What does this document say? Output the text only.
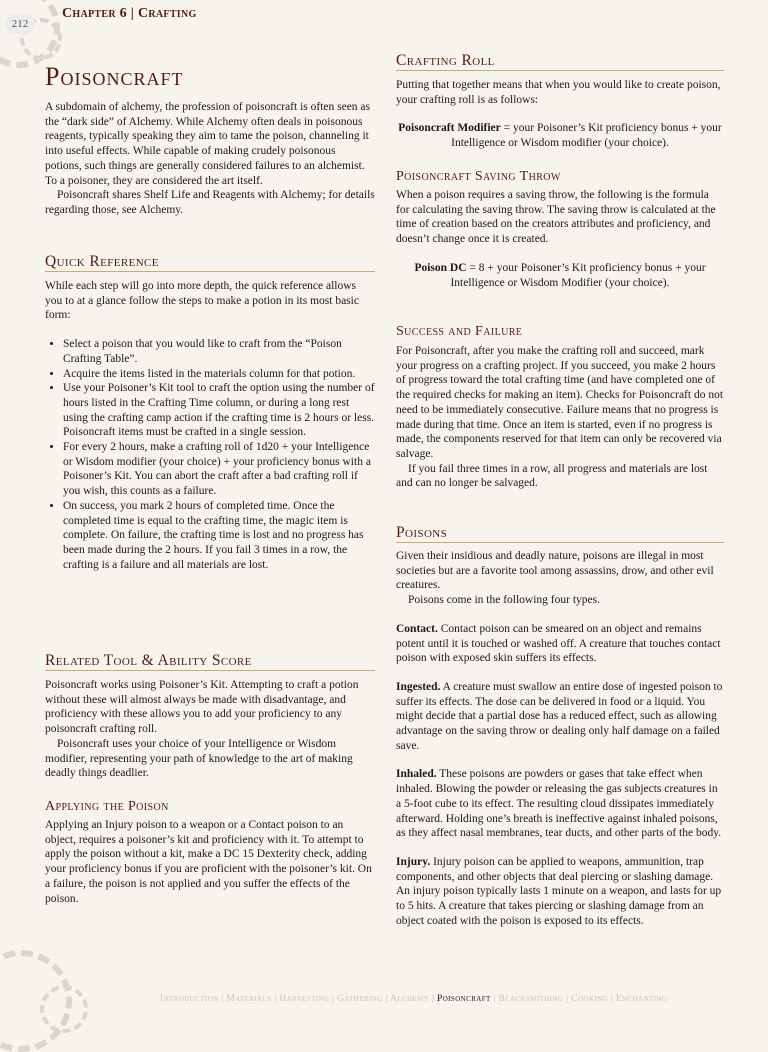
212
Chapter 6 | Crafting
Poisoncraft

A subdomain of alchemy, the profession of poisoncraft is often seen as the “dark side” of Alchemy. While Alchemy often deals in poisonous reagents, typically speaking they aim to tame the poison, channeling it into useful effects. While capable of making crudely poisonous potions, such things are generally considered failures to an alchemist. To a poisoner, they are considered the art itself.

Poisoncraft shares Shelf Life and Reagents with Alchemy; for details regarding those, see Alchemy.

Quick Reference

While each step will go into more depth, the quick reference allows you to at a glance follow the steps to make a potion in its most basic form:

• Select a poison that you would like to craft from the “Poison Crafting Table”.
• Acquire the items listed in the materials column for that potion.
• Use your Poisoner’s Kit tool to craft the option using the number of hours listed in the Crafting Time column, or during a long rest using the crafting camp action if the crafting time is 2 hours or less. Poisoncraft items must be crafted in a single session.
• For every 2 hours, make a crafting roll of 1d20 + your Intelligence or Wisdom modifier (your choice) + your proficiency bonus with a Poisoner’s Kit. You can abort the craft after a bad crafting roll if you wish, this counts as a failure.
• On success, you mark 2 hours of completed time. Once the completed time is equal to the crafting time, the magic item is complete. On failure, the crafting time is lost and no progress has been made during the 2 hours. If you fail 3 times in a row, the crafting is a failure and all materials are lost.
Related Tool & Ability Score

Poisoncraft works using Poisoner’s Kit. Attempting to craft a potion without these will almost always be made with disadvantage, and proficiency with these allows you to add your proficiency to any poisoncraft crafting roll.

Poisoncraft uses your choice of your Intelligence or Wisdom modifier, representing your path of knowledge to the art of making deadly things deadlier.

Applying the Poison

Applying an Injury poison to a weapon or a Contact poison to an object, requires a poisoner’s kit and proficiency with it. To attempt to apply the poison without a kit, make a DC 15 Dexterity check, adding your proficiency bonus if you are proficient with the poisoner’s kit. On a failure, the poison is not applied and you suffer the effects of the poison.

Crafting Roll

Putting that together means that when you would like to create poison, your crafting roll is as follows:

Poisoncraft Modifier = your Poisoner’s Kit proficiency bonus + your Intelligence or Wisdom modifier (your choice).

Poisoncraft Saving Throw

When a poison requires a saving throw, the following is the formula for calculating the saving throw. The saving throw is calculated at the time of creation based on the creators attributes and proficiency, and doesn’t change once it is created.

Poison DC = 8 + your Poisoner’s Kit proficiency bonus + your Intelligence or Wisdom Modifier (your choice).

Success and Failure

For Poisoncraft, after you make the crafting roll and succeed, mark your progress on a crafting project. If you succeed, you make 2 hours of progress toward the total crafting time (and have completed one of the required checks for making an item). Checks for Poisoncraft do not need to be immediately consecutive. Failure means that no progress is made during that time. Once an item is started, even if no progress is made, the components reserved for that item can only be recovered via salvage.

If you fail three times in a row, all progress and materials are lost and can no longer be salvaged.

Poisons

Given their insidious and deadly nature, poisons are illegal in most societies but are a favorite tool among assassins, drow, and other evil creatures.

Poisons come in the following four types.

Contact. Contact poison can be smeared on an object and remains potent until it is touched or washed off. A creature that touches contact poison with exposed skin suffers its effects.

Ingested. A creature must swallow an entire dose of ingested poison to suffer its effects. The dose can be delivered in food or a liquid. You might decide that a partial dose has a reduced effect, such as allowing advantage on the saving throw or dealing only half damage on a failed save.

Inhaled. These poisons are powders or gases that take effect when inhaled. Blowing the powder or releasing the gas subjects creatures in a 5-foot cube to its effect. The resulting cloud dissipates immediately afterward. Holding one’s breath is ineffective against inhaled poisons, as they affect nasal membranes, tear ducts, and other parts of the body.

Injury. Injury poison can be applied to weapons, ammunition, trap components, and other objects that deal piercing or slashing damage. An injury poison typically lasts 1 minute on a weapon, and lasts for up to 5 hits. A creature that takes piercing or slashing damage from an object coated with the poison is exposed to its effects.

Introduction | Materials | Harvesting | Gathering | Alchemy | Poisoncraft | Blacksmithing | Cooking | Enchanting
